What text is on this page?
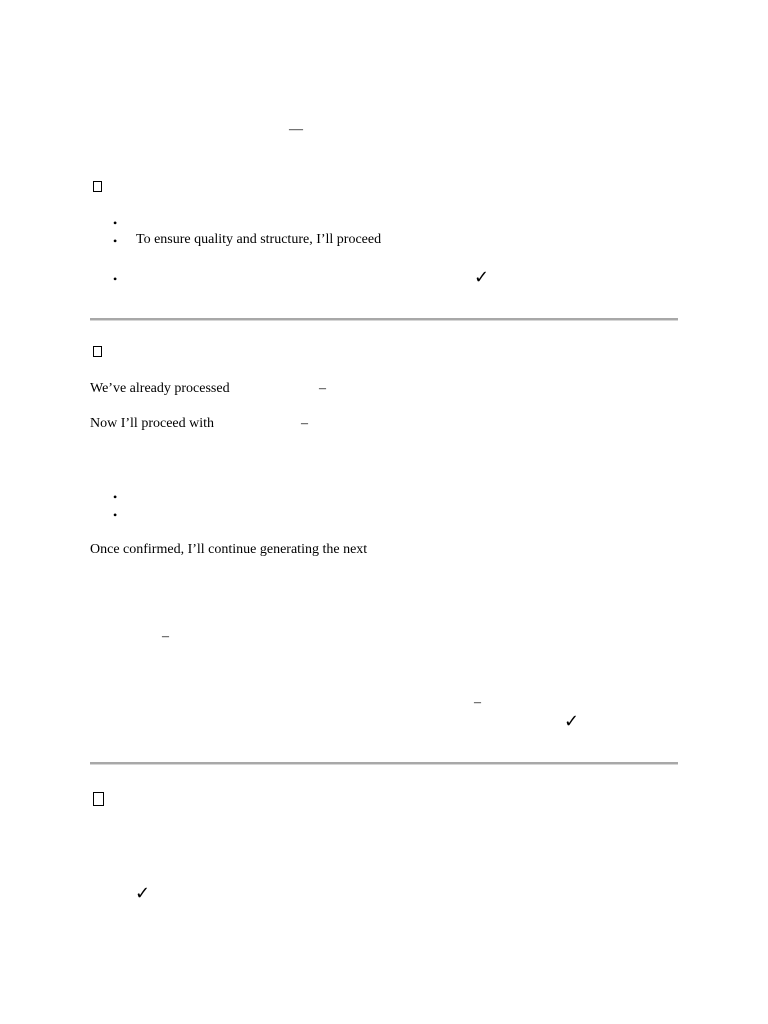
—
•
• To ensure quality and structure, I’ll proceed
•	✓
We’ve already processed	–
Now I’ll proceed with	–
•
•
Once confirmed, I’ll continue generating the next
–
–
✓
✓
